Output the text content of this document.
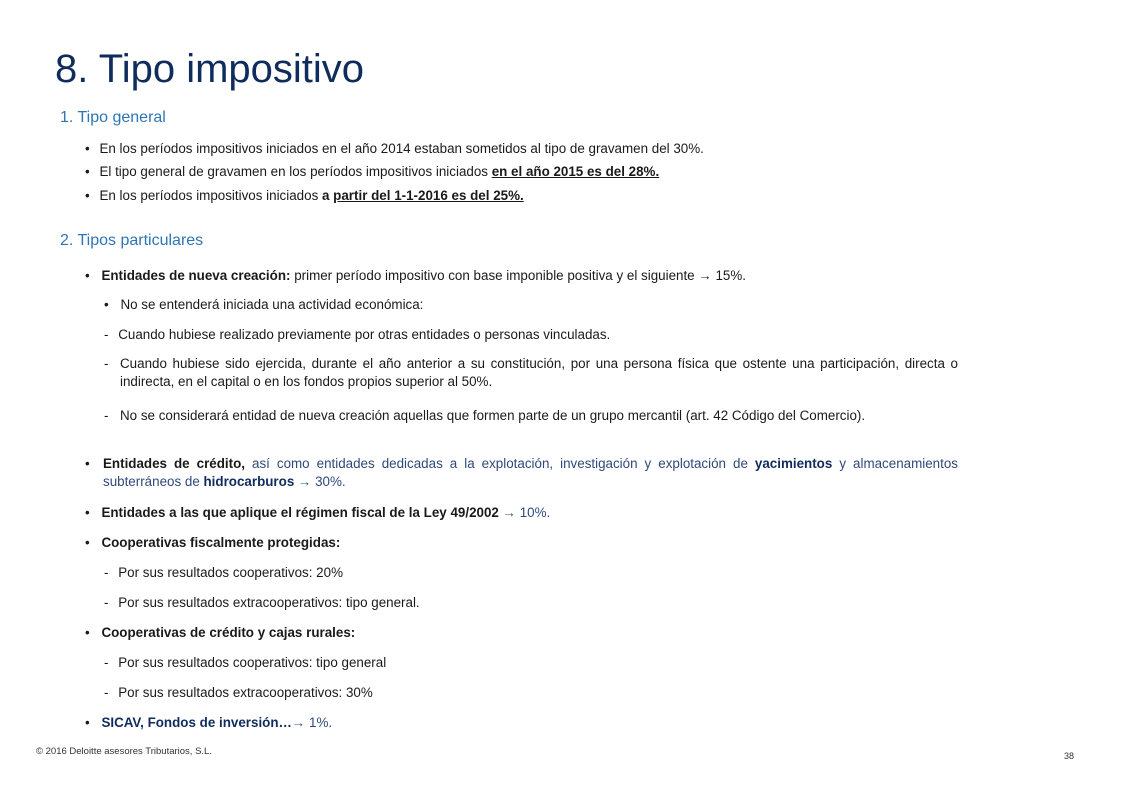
8. Tipo impositivo
1. Tipo general

• En los períodos impositivos iniciados en el año 2014 estaban sometidos al tipo de gravamen del 30%.

• El tipo general de gravamen en los períodos impositivos iniciados en el año 2015 es del 28%.

• En los períodos impositivos iniciados a partir del 1-1-2016 es del 25%.

2. Tipos particulares

• Entidades de nueva creación: primer período impositivo con base imponible positiva y el siguiente → 15%.

• No se entenderá iniciada una actividad económica:

- Cuando hubiese realizado previamente por otras entidades o personas vinculadas.

- Cuando hubiese sido ejercida, durante el año anterior a su constitución, por una persona física que ostente una participación, directa o indirecta, en el capital o en los fondos propios superior al 50%.
- No se considerará entidad de nueva creación aquellas que formen parte de un grupo mercantil (art. 42 Código del Comercio).
• Entidades de crédito, así como entidades dedicadas a la explotación, investigación y explotación de yacimientos y almacenamientos subterráneos de hidrocarburos → 30%.

• Entidades a las que aplique el régimen fiscal de la Ley 49/2002 → 10%.

• Cooperativas fiscalmente protegidas:

- Por sus resultados cooperativos: 20%

- Por sus resultados extracooperativos: tipo general.

• Cooperativas de crédito y cajas rurales:

- Por sus resultados cooperativos: tipo general

- Por sus resultados extracooperativos: 30%

• SICAV, Fondos de inversión…→ 1%.

© 2016 Deloitte asesores Tributarios, S.L.	38
